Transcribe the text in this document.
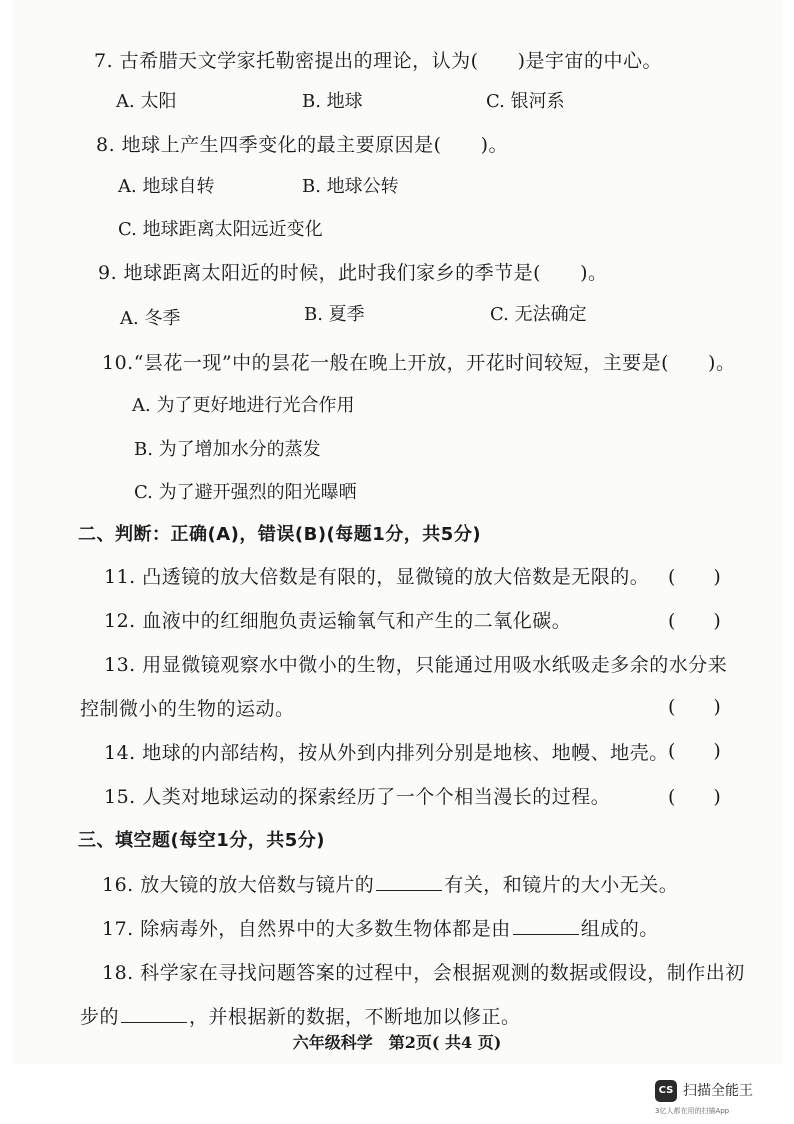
7. 古希腊天文学家托勒密提出的理论，认为(　　)是宇宙的中心。
A. 太阳	B. 地球	C. 银河系
8. 地球上产生四季变化的最主要原因是(　　)。
A. 地球自转	B. 地球公转
C. 地球距离太阳远近变化
9. 地球距离太阳近的时候，此时我们家乡的季节是(　　)。
A. 冬季	B. 夏季	C. 无法确定
10.“昙花一现”中的昙花一般在晚上开放，开花时间较短，主要是(　　)。
A. 为了更好地进行光合作用
B. 为了增加水分的蒸发
C. 为了避开强烈的阳光曝晒
二、判断：正确(A)，错误(B)(每题1分，共5分)
11. 凸透镜的放大倍数是有限的，显微镜的放大倍数是无限的。 (　　)
12. 血液中的红细胞负责运输氧气和产生的二氧化碳。	(　　)
13. 用显微镜观察水中微小的生物，只能通过用吸水纸吸走多余的水分来
控制微小的生物的运动。	(　　)
14. 地球的内部结构，按从外到内排列分别是地核、地幔、地壳。 (　　)
15. 人类对地球运动的探索经历了一个个相当漫长的过程。	(　　)
三、填空题(每空1分，共5分)
16. 放大镜的放大倍数与镜片的	有关，和镜片的大小无关。
17. 除病毒外，自然界中的大多数生物体都是由	组成的。
18. 科学家在寻找问题答案的过程中，会根据观测的数据或假设，制作出初
步的	，并根据新的数据，不断地加以修正。
六年级科学　第2页( 共4 页)
CS 扫描全能王
3亿人都在用的扫描App
